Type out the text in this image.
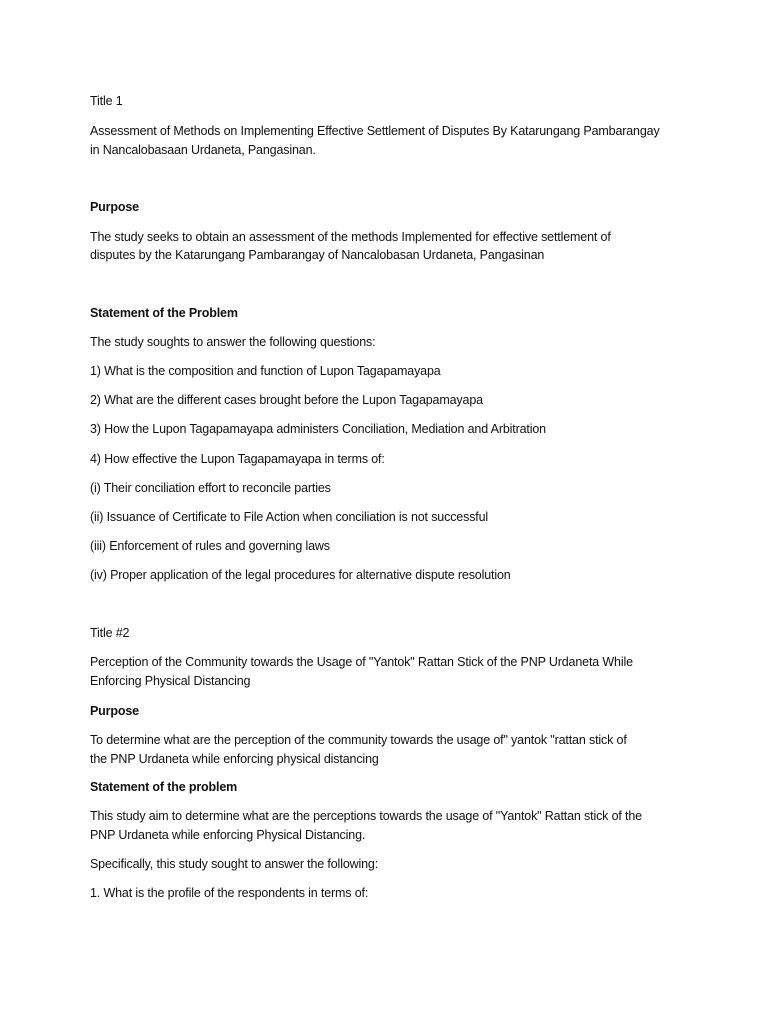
Title 1
Assessment of Methods on Implementing Effective Settlement of Disputes By Katarungang Pambarangay
in Nancalobasaan Urdaneta, Pangasinan.
Purpose
The study seeks to obtain an assessment of the methods Implemented for effective settlement of
disputes by the Katarungang Pambarangay of Nancalobasan Urdaneta, Pangasinan
Statement of the Problem
The study soughts to answer the following questions:
1) What is the composition and function of Lupon Tagapamayapa
2) What are the different cases brought before the Lupon Tagapamayapa
3) How the Lupon Tagapamayapa administers Conciliation, Mediation and Arbitration
4) How effective the Lupon Tagapamayapa in terms of:
(i) Their conciliation effort to reconcile parties
(ii) Issuance of Certificate to File Action when conciliation is not successful
(iii) Enforcement of rules and governing laws
(iv) Proper application of the legal procedures for alternative dispute resolution
Title #2
Perception of the Community towards the Usage of "Yantok" Rattan Stick of the PNP Urdaneta While
Enforcing Physical Distancing
Purpose
To determine what are the perception of the community towards the usage of" yantok "rattan stick of
the PNP Urdaneta while enforcing physical distancing
Statement of the problem
This study aim to determine what are the perceptions towards the usage of "Yantok" Rattan stick of the
PNP Urdaneta while enforcing Physical Distancing.
Specifically, this study sought to answer the following:
1. What is the profile of the respondents in terms of:
